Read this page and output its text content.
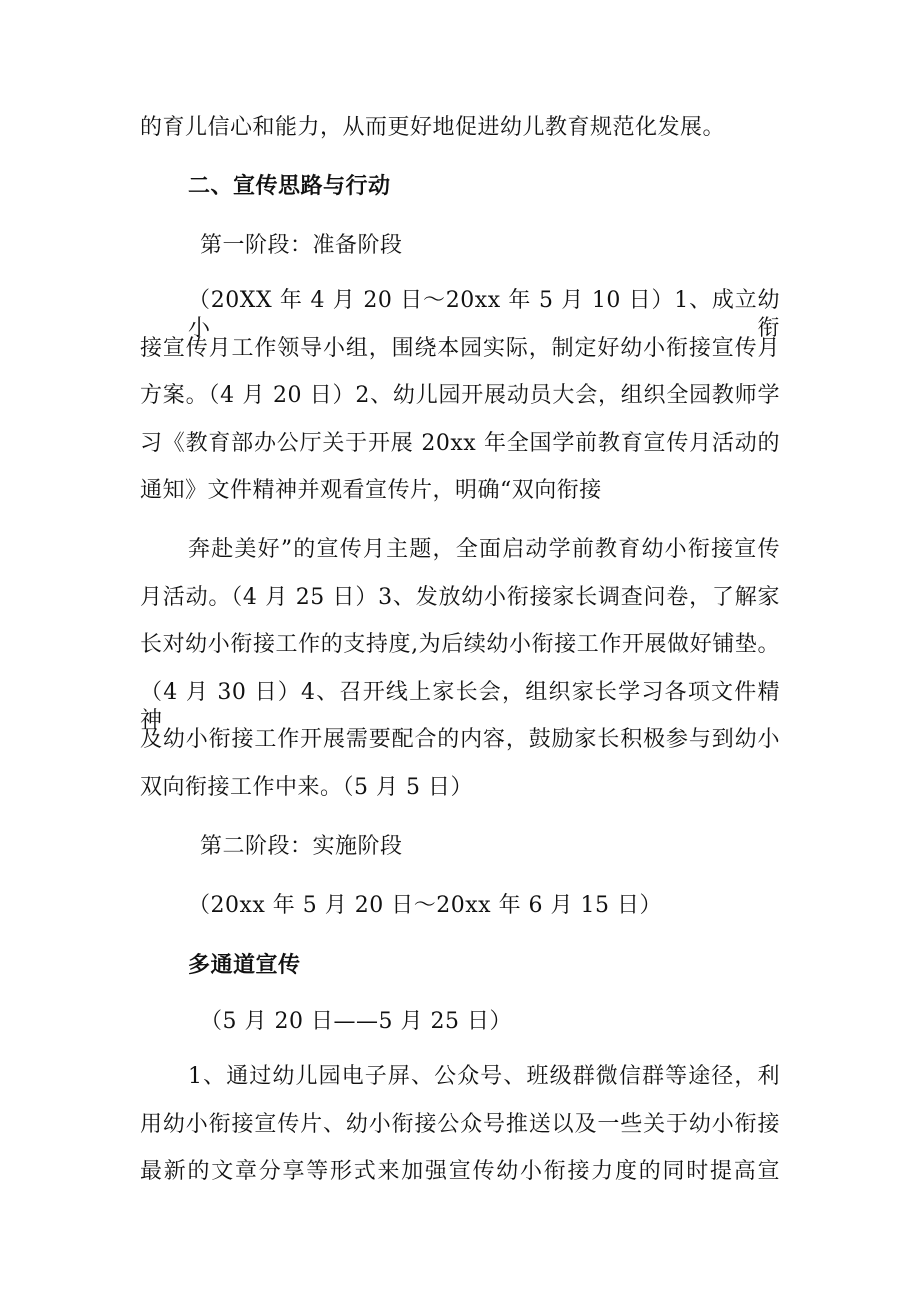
的育儿信心和能力，从而更好地促进幼儿教育规范化发展。
二、宣传思路与行动
第一阶段：准备阶段
（20XX 年 4 月 20 日～20xx 年 5 月 10 日）1、成立幼小衔
接宣传月工作领导小组，围绕本园实际，制定好幼小衔接宣传月
方案。（4 月 20 日）2、幼儿园开展动员大会，组织全园教师学
习《教育部办公厅关于开展 20xx 年全国学前教育宣传月活动的
通知》文件精神并观看宣传片，明确“双向衔接
奔赴美好”的宣传月主题，全面启动学前教育幼小衔接宣传
月活动。（4 月 25 日）3、发放幼小衔接家长调查问卷，了解家
长对幼小衔接工作的支持度,为后续幼小衔接工作开展做好铺垫。
（4 月 30 日）4、召开线上家长会，组织家长学习各项文件精神
及幼小衔接工作开展需要配合的内容，鼓励家长积极参与到幼小
双向衔接工作中来。（5 月 5 日）
第二阶段：实施阶段
（20xx 年 5 月 20 日～20xx 年 6 月 15 日）
多通道宣传
（5 月 20 日——5 月 25 日）
1、通过幼儿园电子屏、公众号、班级群微信群等途径，利
用幼小衔接宣传片、幼小衔接公众号推送以及一些关于幼小衔接
最新的文章分享等形式来加强宣传幼小衔接力度的同时提高宣
